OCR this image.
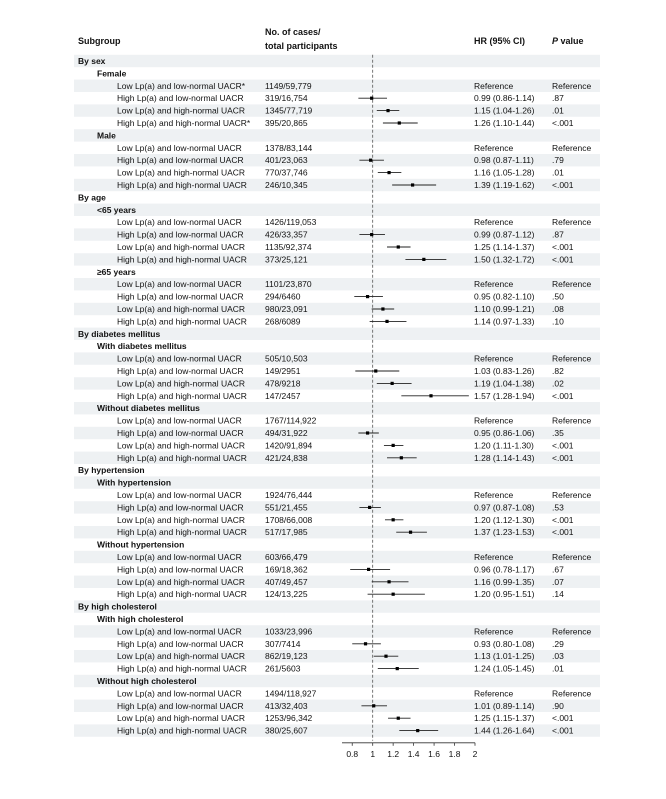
Subgroup
No. of cases/
total participants	HR (95% CI)	P value
By sex
Female
Low Lp(a) and low-normal UACR* 1149/59,779	Reference	Reference
High Lp(a) and low-normal UACR	319/16,754	0.99 (0.86-1.14) .87
Low Lp(a) and high-normal UACR 1345/77,719	1.15 (1.04-1.26) .01
High Lp(a) and high-normal UACR* 395/20,865	1.26 (1.10-1.44) <.001
Male
Low Lp(a) and low-normal UACR	1378/83,144	Reference	Reference
High Lp(a) and low-normal UACR	401/23,063	0.98 (0.87-1.11) .79
Low Lp(a) and high-normal UACR 770/37,746	1.16 (1.05-1.28) .01
High Lp(a) and high-normal UACR 246/10,345	1.39 (1.19-1.62) <.001
By age
<65 years
Low Lp(a) and low-normal UACR	1426/119,053	Reference	Reference
High Lp(a) and low-normal UACR	426/33,357	0.99 (0.87-1.12) .87
Low Lp(a) and high-normal UACR 1135/92,374	1.25 (1.14-1.37) <.001
High Lp(a) and high-normal UACR 373/25,121	1.50 (1.32-1.72) <.001
≥65 years
Low Lp(a) and low-normal UACR	1101/23,870	Reference	Reference
High Lp(a) and low-normal UACR	294/6460	0.95 (0.82-1.10) .50
Low Lp(a) and high-normal UACR 980/23,091	1.10 (0.99-1.21) .08
High Lp(a) and high-normal UACR 268/6089	1.14 (0.97-1.33) .10
By diabetes mellitus
With diabetes mellitus
Low Lp(a) and low-normal UACR	505/10,503	Reference	Reference
High Lp(a) and low-normal UACR	149/2951	1.03 (0.83-1.26) .82
Low Lp(a) and high-normal UACR 478/9218	1.19 (1.04-1.38) .02
High Lp(a) and high-normal UACR 147/2457	1.57 (1.28-1.94) <.001
Without diabetes mellitus
Low Lp(a) and low-normal UACR	1767/114,922	Reference	Reference
High Lp(a) and low-normal UACR	494/31,922	0.95 (0.86-1.06) .35
Low Lp(a) and high-normal UACR 1420/91,894	1.20 (1.11-1.30) <.001
High Lp(a) and high-normal UACR 421/24,838	1.28 (1.14-1.43) <.001
By hypertension
With hypertension
Low Lp(a) and low-normal UACR	1924/76,444	Reference	Reference
High Lp(a) and low-normal UACR	551/21,455	0.97 (0.87-1.08) .53
Low Lp(a) and high-normal UACR 1708/66,008	1.20 (1.12-1.30) <.001
High Lp(a) and high-normal UACR 517/17,985	1.37 (1.23-1.53) <.001
Without hypertension
Low Lp(a) and low-normal UACR	603/66,479	Reference	Reference
High Lp(a) and low-normal UACR	169/18,362	0.96 (0.78-1.17) .67
Low Lp(a) and high-normal UACR 407/49,457	1.16 (0.99-1.35) .07
High Lp(a) and high-normal UACR 124/13,225	1.20 (0.95-1.51) .14
By high cholesterol
With high cholesterol
Low Lp(a) and low-normal UACR	1033/23,996	Reference	Reference
High Lp(a) and low-normal UACR	307/7414	0.93 (0.80-1.08) .29
Low Lp(a) and high-normal UACR 862/19,123	1.13 (1.01-1.25) .03
High Lp(a) and high-normal UACR 261/5603	1.24 (1.05-1.45) .01
Without high cholesterol
Low Lp(a) and low-normal UACR	1494/118,927	Reference	Reference
High Lp(a) and low-normal UACR	413/32,403	1.01 (0.89-1.14) .90
Low Lp(a) and high-normal UACR 1253/96,342	1.25 (1.15-1.37) <.001
High Lp(a) and high-normal UACR 380/25,607	1.44 (1.26-1.64) <.001
0.8 1 1.2 1.4 1.6 1.8 2
